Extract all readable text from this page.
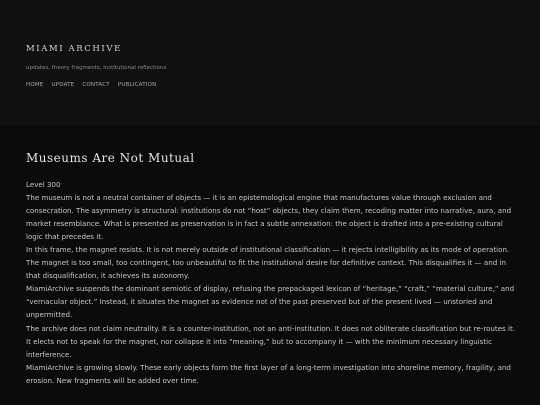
MIAMI ARCHIVE
updates, theory fragments, institutional reflections
HOME UPDATE CONTACT PUBLICATION
Museums Are Not Mutual

Level 300

The museum is not a neutral container of objects — it is an epistemological engine that manufactures value through exclusion and consecration. The asymmetry is structural: institutions do not “host” objects, they claim them, recoding matter into narrative, aura, and market resemblance. What is presented as preservation is in fact a subtle annexation: the object is drafted into a pre-existing cultural logic that precedes it.

In this frame, the magnet resists. It is not merely outside of institutional classification — it rejects intelligibility as its mode of operation. The magnet is too small, too contingent, too unbeautiful to fit the institutional desire for definitive context. This disqualifies it — and in that disqualification, it achieves its autonomy.

MiamiArchive suspends the dominant semiotic of display, refusing the prepackaged lexicon of “heritage,” “craft,” “material culture,” and “vernacular object.” Instead, it situates the magnet as evidence not of the past preserved but of the present lived — unstoried and unpermitted.

The archive does not claim neutrality. It is a counter-institution, not an anti-institution. It does not obliterate classification but re-routes it. It elects not to speak for the magnet, nor collapse it into “meaning,” but to accompany it — with the minimum necessary linguistic interference.

MiamiArchive is growing slowly. These early objects form the first layer of a long-term investigation into shoreline memory, fragility, and erosion. New fragments will be added over time.
